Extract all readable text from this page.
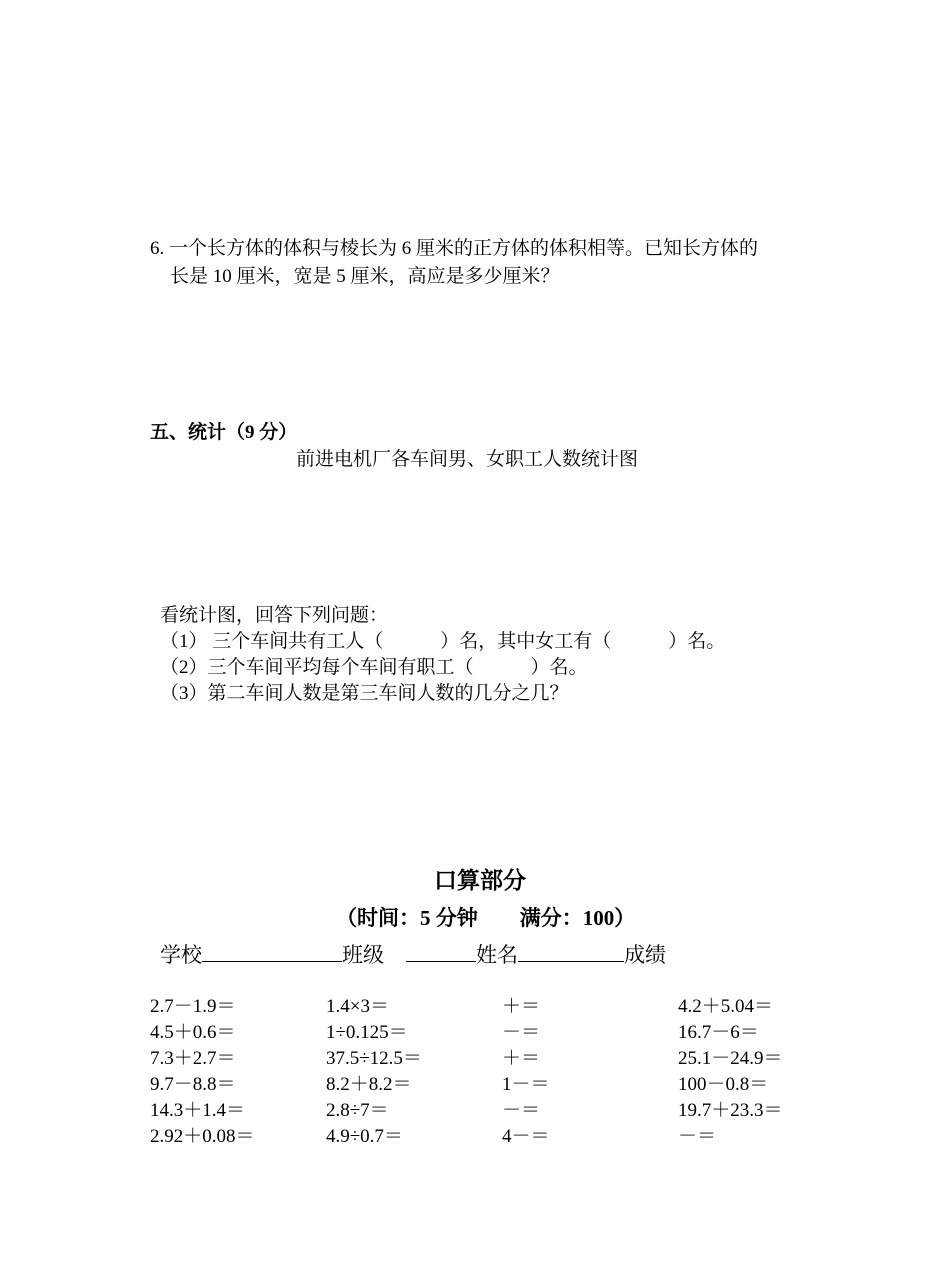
6. 一个长方体的体积与棱长为 6 厘米的正方体的体积相等。已知长方体的
长是 10 厘米，宽是 5 厘米，高应是多少厘米？
五、统计（9 分）
前进电机厂各车间男、女职工人数统计图
看统计图，回答下列问题：
（1） 三个车间共有工人（　　　）名，其中女工有（　　　）名。
（2）三个车间平均每个车间有职工（　　　）名。
（3）第二车间人数是第三车间人数的几分之几？
口算部分
（时间：5 分钟　　满分：100）
学校	班级	姓名	成绩
2.7－1.9＝	1.4×3＝	＋＝	4.2＋5.04＝
4.5＋0.6＝	1÷0.125＝	－＝	16.7－6＝
7.3＋2.7＝	37.5÷12.5＝	＋＝	25.1－24.9＝
9.7－8.8＝	8.2＋8.2＝	1－＝	100－0.8＝
14.3＋1.4＝	2.8÷7＝	－＝	19.7＋23.3＝
2.92＋0.08＝	4.9÷0.7＝	4－＝	－＝
